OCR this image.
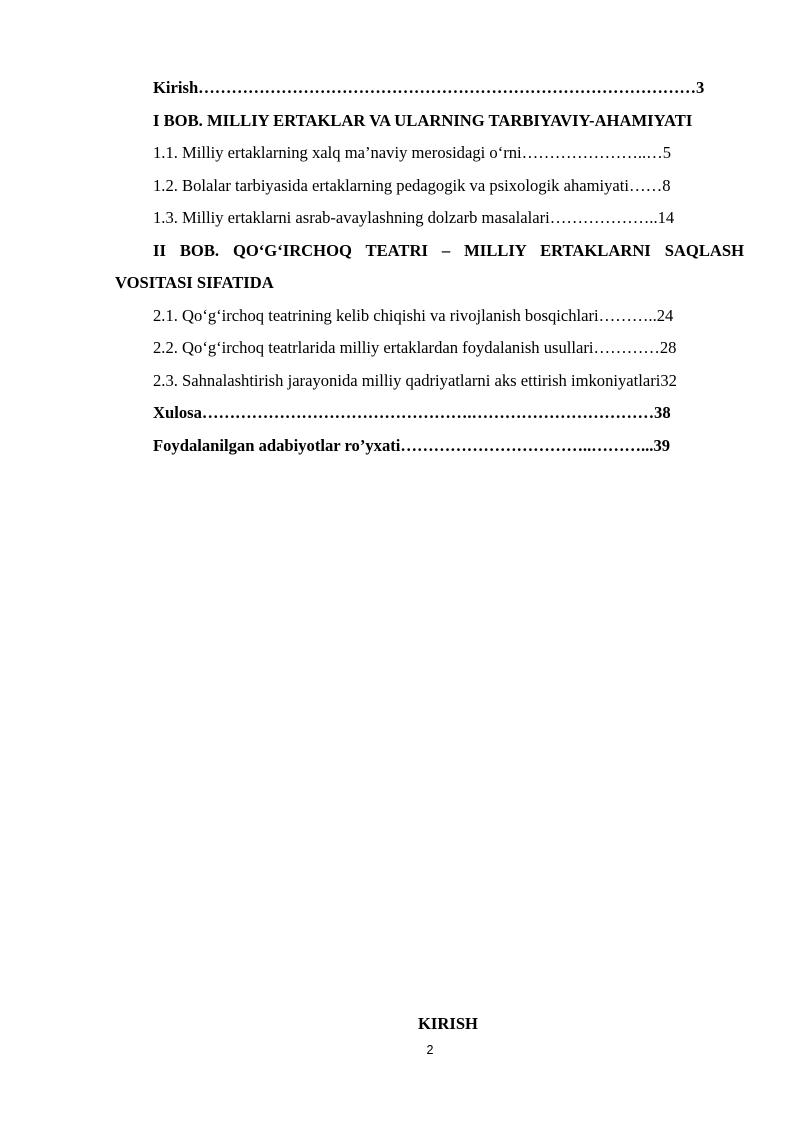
Kirish………………………………………………………………………………3
I BOB. MILLIY ERTAKLAR VA ULARNING TARBIYAVIY-AHAMIYATI
1.1. Milliy ertaklarning xalq ma’naviy merosidagi o‘rni…………………..…5
1.2. Bolalar tarbiyasida ertaklarning pedagogik va psixologik ahamiyati……8
1.3. Milliy ertaklarni asrab-avaylashning dolzarb masalalari………………..14
II BOB. QO‘G‘IRCHOQ TEATRI – MILLIY ERTAKLARNI SAQLASH VOSITASI SIFATIDA
2.1. Qo‘g‘irchoq teatrining kelib chiqishi va rivojlanish bosqichlari………..24
2.2. Qo‘g‘irchoq teatrlarida milliy ertaklardan foydalanish usullari…………28
2.3. Sahnalashtirish jarayonida milliy qadriyatlarni aks ettirish imkoniyatlari32
Xulosa………………………………………….……………………………38
Foydalanilgan adabiyotlar ro’yxati……………………………..………...39
KIRISH
2
